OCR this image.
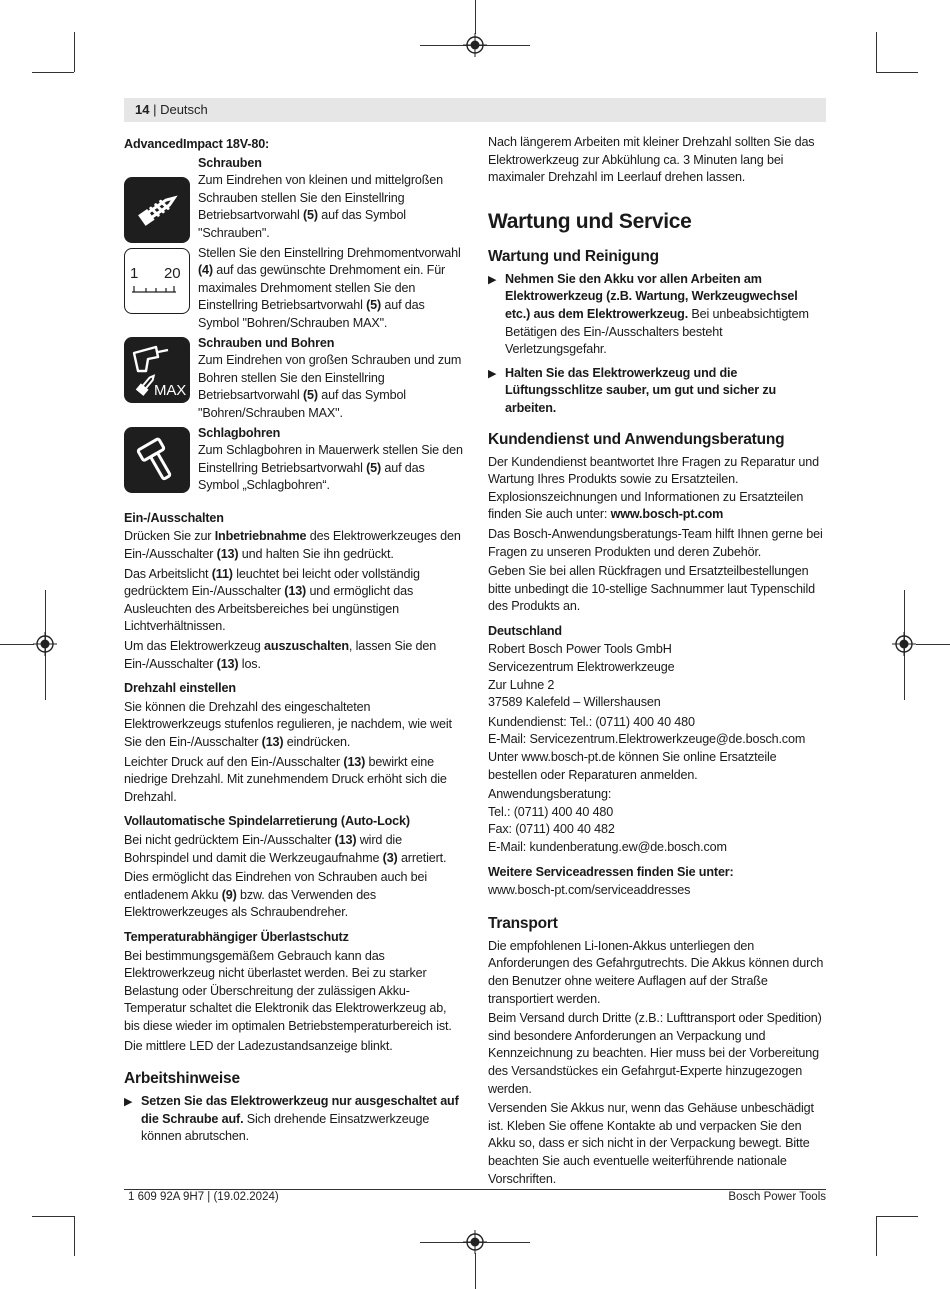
14 | Deutsch

AdvancedImpact 18V-80:

Schrauben

Zum Eindrehen von kleinen und mittelgroßen Schrauben stellen Sie den Einstellring Betriebsartvorwahl (5) auf das Symbol "Schrauben".

1 20

Stellen Sie den Einstellring Drehmomentvorwahl (4) auf das gewünschte Drehmoment ein. Für maximales Drehmoment stellen Sie den Einstellring Betriebsartvorwahl (5) auf das Symbol "Bohren/Schrauben MAX".

MAX
Schrauben und Bohren

Zum Eindrehen von großen Schrauben und zum Bohren stellen Sie den Einstellring Betriebsartvorwahl (5) auf das Symbol "Bohren/Schrauben MAX".

Schlagbohren

Zum Schlagbohren in Mauerwerk stellen Sie den Einstellring Betriebsartvorwahl (5) auf das Symbol „Schlagbohren“.

Ein-/Ausschalten

Drücken Sie zur Inbetriebnahme des Elektrowerkzeuges den Ein-/Ausschalter (13) und halten Sie ihn gedrückt.

Das Arbeitslicht (11) leuchtet bei leicht oder vollständig gedrücktem Ein-/Ausschalter (13) und ermöglicht das Ausleuchten des Arbeitsbereiches bei ungünstigen Lichtverhältnissen.

Um das Elektrowerkzeug auszuschalten, lassen Sie den Ein-/Ausschalter (13) los.

Drehzahl einstellen

Sie können die Drehzahl des eingeschalteten Elektrowerkzeugs stufenlos regulieren, je nachdem, wie weit Sie den Ein-/Ausschalter (13) eindrücken.

Leichter Druck auf den Ein-/Ausschalter (13) bewirkt eine niedrige Drehzahl. Mit zunehmendem Druck erhöht sich die Drehzahl.

Vollautomatische Spindelarretierung (Auto-Lock)

Bei nicht gedrücktem Ein-/Ausschalter (13) wird die Bohrspindel und damit die Werkzeugaufnahme (3) arretiert.

Dies ermöglicht das Eindrehen von Schrauben auch bei entladenem Akku (9) bzw. das Verwenden des Elektrowerkzeuges als Schraubendreher.

Temperaturabhängiger Überlastschutz

Bei bestimmungsgemäßem Gebrauch kann das Elektrowerkzeug nicht überlastet werden. Bei zu starker Belastung oder Überschreitung der zulässigen Akku-Temperatur schaltet die Elektronik das Elektrowerkzeug ab, bis diese wieder im optimalen Betriebstemperaturbereich ist.

Die mittlere LED der Ladezustandsanzeige blinkt.

Arbeitshinweise

▶ Setzen Sie das Elektrowerkzeug nur ausgeschaltet auf die Schraube auf. Sich drehende Einsatzwerkzeuge können abrutschen.

Nach längerem Arbeiten mit kleiner Drehzahl sollten Sie das Elektrowerkzeug zur Abkühlung ca. 3 Minuten lang bei maximaler Drehzahl im Leerlauf drehen lassen.

Wartung und Service

Wartung und Reinigung

▶ Nehmen Sie den Akku vor allen Arbeiten am Elektrowerkzeug (z.B. Wartung, Werkzeugwechsel etc.) aus dem Elektrowerkzeug. Bei unbeabsichtigtem Betätigen des Ein-/Ausschalters besteht Verletzungsgefahr.
▶ Halten Sie das Elektrowerkzeug und die Lüftungsschlitze sauber, um gut und sicher zu arbeiten.

Kundendienst und Anwendungsberatung

Der Kundendienst beantwortet Ihre Fragen zu Reparatur und Wartung Ihres Produkts sowie zu Ersatzteilen. Explosionszeichnungen und Informationen zu Ersatzteilen finden Sie auch unter: www.bosch-pt.com

Das Bosch-Anwendungsberatungs-Team hilft Ihnen gerne bei Fragen zu unseren Produkten und deren Zubehör.

Geben Sie bei allen Rückfragen und Ersatzteilbestellungen bitte unbedingt die 10-stellige Sachnummer laut Typenschild des Produkts an.

Deutschland

Robert Bosch Power Tools GmbH
Servicezentrum Elektrowerkzeuge
Zur Luhne 2
37589 Kalefeld – Willershausen

Kundendienst: Tel.: (0711) 400 40 480
E-Mail: Servicezentrum.Elektrowerkzeuge@de.bosch.com
Unter www.bosch-pt.de können Sie online Ersatzteile bestellen oder Reparaturen anmelden.

Anwendungsberatung:
Tel.: (0711) 400 40 480
Fax: (0711) 400 40 482
E-Mail: kundenberatung.ew@de.bosch.com

Weitere Serviceadressen finden Sie unter:

www.bosch-pt.com/serviceaddresses

Transport

Die empfohlenen Li-Ionen-Akkus unterliegen den Anforderungen des Gefahrgutrechts. Die Akkus können durch den Benutzer ohne weitere Auflagen auf der Straße transportiert werden.

Beim Versand durch Dritte (z.B.: Lufttransport oder Spedition) sind besondere Anforderungen an Verpackung und Kennzeichnung zu beachten. Hier muss bei der Vorbereitung des Versandstückes ein Gefahrgut-Experte hinzugezogen werden.

Versenden Sie Akkus nur, wenn das Gehäuse unbeschädigt ist. Kleben Sie offene Kontakte ab und verpacken Sie den Akku so, dass er sich nicht in der Verpackung bewegt. Bitte beachten Sie auch eventuelle weiterführende nationale Vorschriften.

1 609 92A 9H7 | (19.02.2024)	Bosch Power Tools
